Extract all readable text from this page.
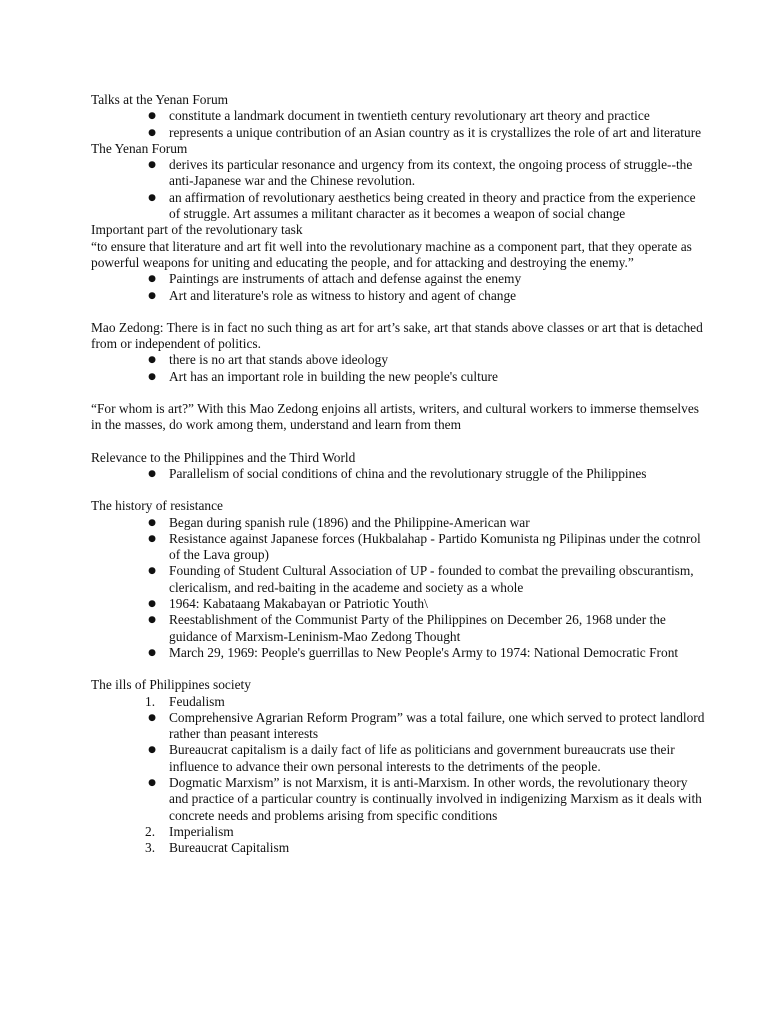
Talks at the Yenan Forum

● constitute a landmark document in twentieth century revolutionary art theory and practice
● represents a unique contribution of an Asian country as it is crystallizes the role of art and literature

The Yenan Forum

● derives its particular resonance and urgency from its context, the ongoing process of struggle--the anti-Japanese war and the Chinese revolution.
● an affirmation of revolutionary aesthetics being created in theory and practice from the experience of struggle. Art assumes a militant character as it becomes a weapon of social change

Important part of the revolutionary task

“to ensure that literature and art fit well into the revolutionary machine as a component part, that they operate as powerful weapons for uniting and educating the people, and for attacking and destroying the enemy.”

● Paintings are instruments of attach and defense against the enemy
● Art and literature's role as witness to history and agent of change

Mao Zedong: There is in fact no such thing as art for art’s sake, art that stands above classes or art that is detached from or independent of politics.

● there is no art that stands above ideology
● Art has an important role in building the new people's culture

“For whom is art?” With this Mao Zedong enjoins all artists, writers, and cultural workers to immerse themselves in the masses, do work among them, understand and learn from them

Relevance to the Philippines and the Third World

● Parallelism of social conditions of china and the revolutionary struggle of the Philippines

The history of resistance

● Began during spanish rule (1896) and the Philippine-American war
● Resistance against Japanese forces (Hukbalahap - Partido Komunista ng Pilipinas under the cotnrol of the Lava group)
● Founding of Student Cultural Association of UP - founded to combat the prevailing obscurantism, clericalism, and red-baiting in the academe and society as a whole
● 1964: Kabataang Makabayan or Patriotic Youth\
● Reestablishment of the Communist Party of the Philippines on December 26, 1968 under the guidance of Marxism-Leninism-Mao Zedong Thought
● March 29, 1969: People's guerrillas to New People's Army to 1974: National Democratic Front

The ills of Philippines society

1. Feudalism
● Comprehensive Agrarian Reform Program” was a total failure, one which served to protect landlord rather than peasant interests
● Bureaucrat capitalism is a daily fact of life as politicians and government bureaucrats use their influence to advance their own personal interests to the detriments of the people.
● Dogmatic Marxism” is not Marxism, it is anti-Marxism. In other words, the revolutionary theory and practice of a particular country is continually involved in indigenizing Marxism as it deals with concrete needs and problems arising from specific conditions
2. Imperialism
3. Bureaucrat Capitalism
